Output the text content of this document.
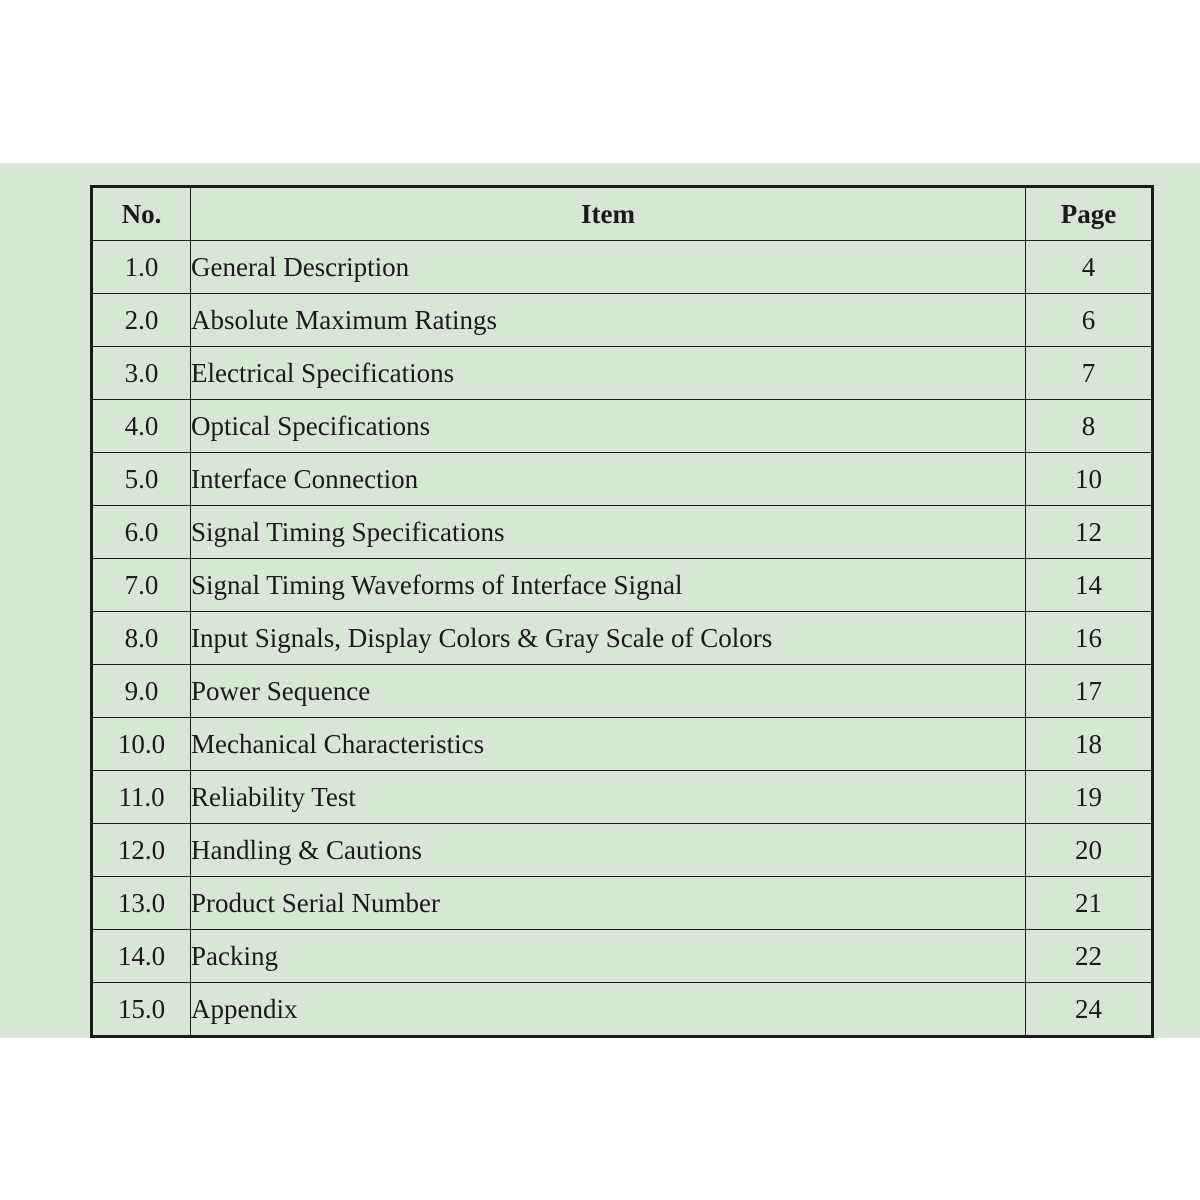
No.	Item	Page
1.0	General Description	4
2.0	Absolute Maximum Ratings	6
3.0	Electrical Specifications	7
4.0	Optical Specifications	8
5.0	Interface Connection	10
6.0	Signal Timing Specifications	12
7.0	Signal Timing Waveforms of Interface Signal	14
8.0	Input Signals, Display Colors & Gray Scale of Colors	16
9.0	Power Sequence	17
10.0	Mechanical Characteristics	18
11.0	Reliability Test	19
12.0	Handling & Cautions	20
13.0	Product Serial Number	21
14.0	Packing	22
15.0	Appendix	24
